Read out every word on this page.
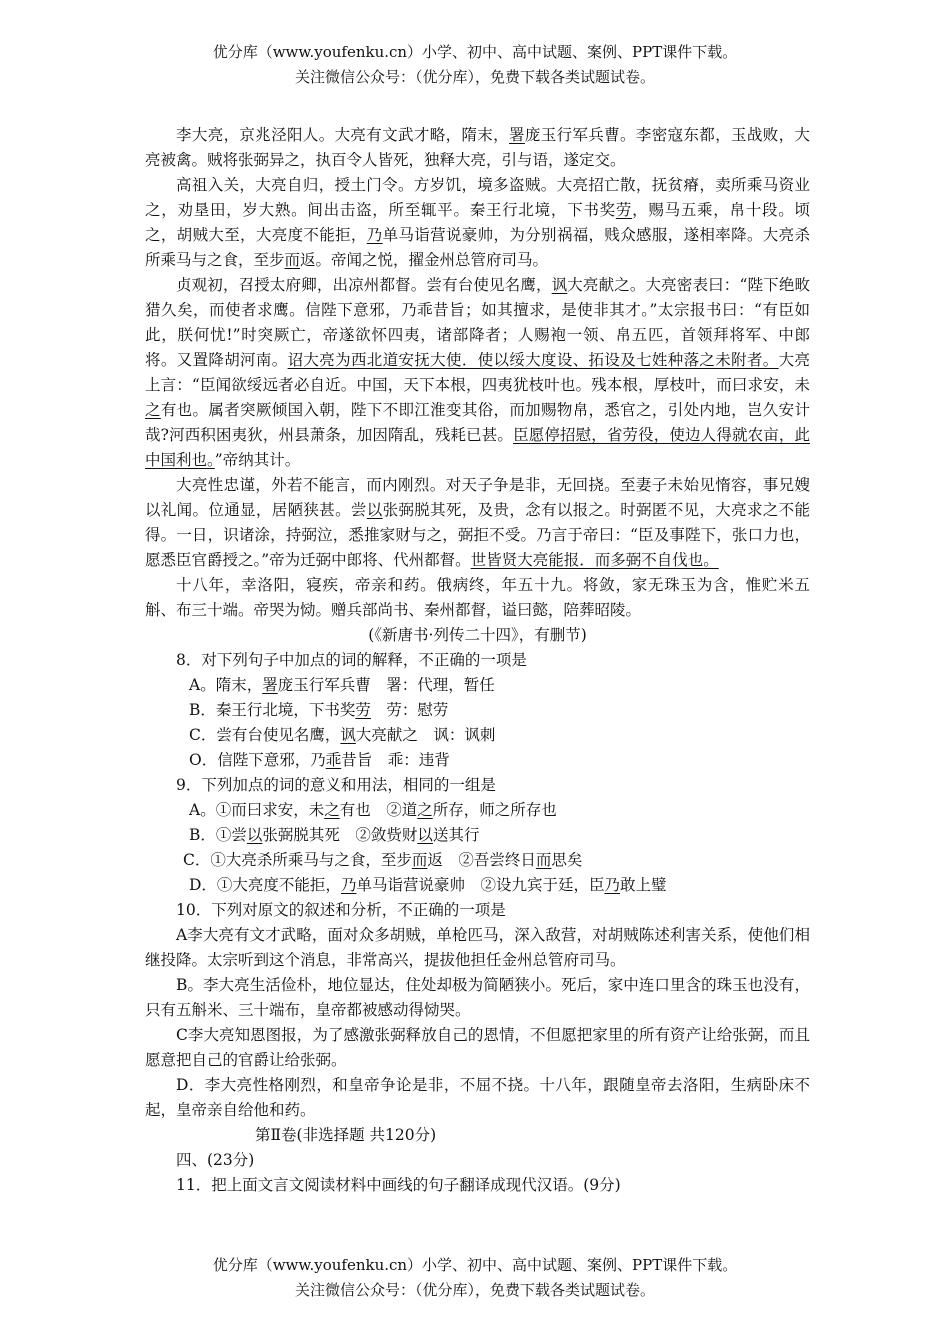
优分库（www.youfenku.cn）小学、初中、高中试题、案例、PPT课件下载。
关注微信公众号：（优分库），免费下载各类试题试卷。

李大亮，京兆泾阳人。大亮有文武才略，隋末，署庞玉行军兵曹。李密寇东都，玉战败，大亮被禽。贼将张弼异之，执百令人皆死，独释大亮，引与语，遂定交。

高祖入关，大亮自归，授土门令。方岁饥，境多盗贼。大亮招亡散，抚贫瘠，卖所乘马资业之，劝垦田，岁大熟。间出击盗，所至辄平。秦王行北境，下书奖劳，赐马五乘，帛十段。顷之，胡贼大至，大亮度不能拒，乃单马诣营说豪帅，为分别祸福，贱众感服，遂相率降。大亮杀所乘马与之食，至步而返。帝闻之悦，擢金州总管府司马。

贞观初，召授太府卿，出凉州都督。尝有台使见名鹰，讽大亮献之。大亮密表曰：“陛下绝畋猎久矣，而使者求鹰。信陛下意邪，乃乖昔旨；如其擅求，是使非其才。”太宗报书曰：“有臣如此，朕何忧!”时突厥亡，帝遂欲怀四夷，诸部降者；人赐袍一领、帛五匹，首领拜将军、中郎将。又置降胡河南。诏大亮为西北道安抚大使．使以绥大度设、拓设及七姓种落之未附者。大亮上言：“臣闻欲绥远者必自近。中国，天下本根，四夷犹枝叶也。残本根，厚枝叶，而曰求安，未之有也。属者突厥倾国入朝，陛下不即江淮变其俗，而加赐物帛，悉官之，引处内地，岂久安计哉?河西积困夷狄，州县萧条，加因隋乱，残耗已甚。臣愿停招慰，省劳役，使边人得就农亩，此中国利也。”帝纳其计。

大亮性忠谨，外若不能言，而内刚烈。对天子争是非，无回挠。至妻子未始见惰容，事兄嫂以礼闻。位通显，居陋狭甚。尝以张弼脱其死，及贵，念有以报之。时弼匿不见，大亮求之不能得。一日，识诸涂，持弼泣，悉推家财与之，弼拒不受。乃言于帝曰：“臣及事陛下，张口力也，愿悉臣官爵授之。”帝为迁弼中郎将、代州都督。世皆贤大亮能报．而多弼不自伐也。

十八年，幸洛阳，寝疾，帝亲和药。俄病终，年五十九。将敛，家无珠玉为含，惟贮米五斛、布三十端。帝哭为恸。赠兵部尚书、秦州都督，谥曰懿，陪葬昭陵。

(《新唐书·列传二十四》，有删节)

8．对下列句子中加点的词的解释，不正确的一项是

A。隋末，署庞玉行军兵曹　署：代理，暂任

B．秦王行北境，下书奖劳　劳：慰劳

C．尝有台使见名鹰，讽大亮献之　讽：讽刺

O．信陛下意邪，乃乖昔旨　乖：违背

9．下列加点的词的意义和用法，相同的一组是

A。①而曰求安，未之有也　②道之所存，师之所存也

B．①尝以张弼脱其死　②敛赀财以送其行

C．①大亮杀所乘马与之食，至步而返　②吾尝终日而思矣

D．①大亮度不能拒，乃单马诣营说豪帅　②设九宾于廷，臣乃敢上璧

10．下列对原文的叙述和分析，不正确的一项是

A李大亮有文才武略，面对众多胡贼，单枪匹马，深入敌营，对胡贼陈述利害关系，使他们相继投降。太宗听到这个消息，非常高兴，提拔他担任金州总管府司马。

B。李大亮生活俭朴，地位显达，住处却极为简陋狭小。死后，家中连口里含的珠玉也没有，只有五斛米、三十端布，皇帝都被感动得恸哭。

C李大亮知恩图报，为了感激张弼释放自己的恩情，不但愿把家里的所有资产让给张弼，而且愿意把自己的官爵让给张弼。

D．李大亮性格刚烈，和皇帝争论是非，不屈不挠。十八年，跟随皇帝去洛阳，生病卧床不起，皇帝亲自给他和药。

第Ⅱ卷(非选择题 共120分)

四、(23分)

11．把上面文言文阅读材料中画线的句子翻译成现代汉语。(9分)

优分库（www.youfenku.cn）小学、初中、高中试题、案例、PPT课件下载。
关注微信公众号：（优分库），免费下载各类试题试卷。
